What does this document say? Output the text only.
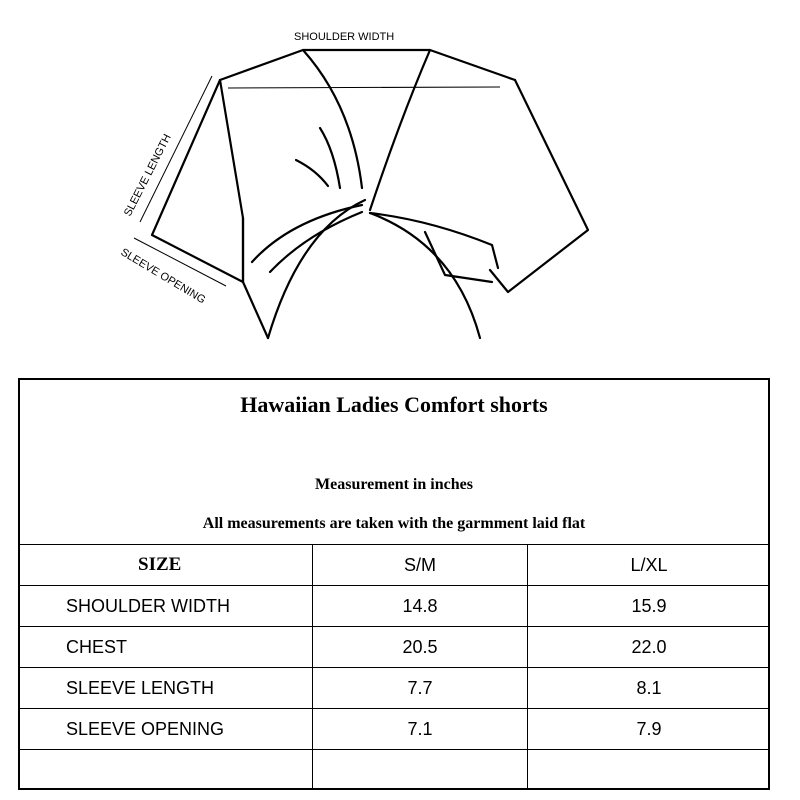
SHOULDER WIDTH
SLEEVE LENGTH
SLEEVE OPENING
Hawaiian Ladies Comfort shorts
Measurement in inches
All measurements are taken with the garmment laid flat
SIZE	S/M	L/XL
SHOULDER WIDTH	14.8	15.9
CHEST	20.5	22.0
SLEEVE LENGTH	7.7	8.1
SLEEVE OPENING	7.1	7.9
